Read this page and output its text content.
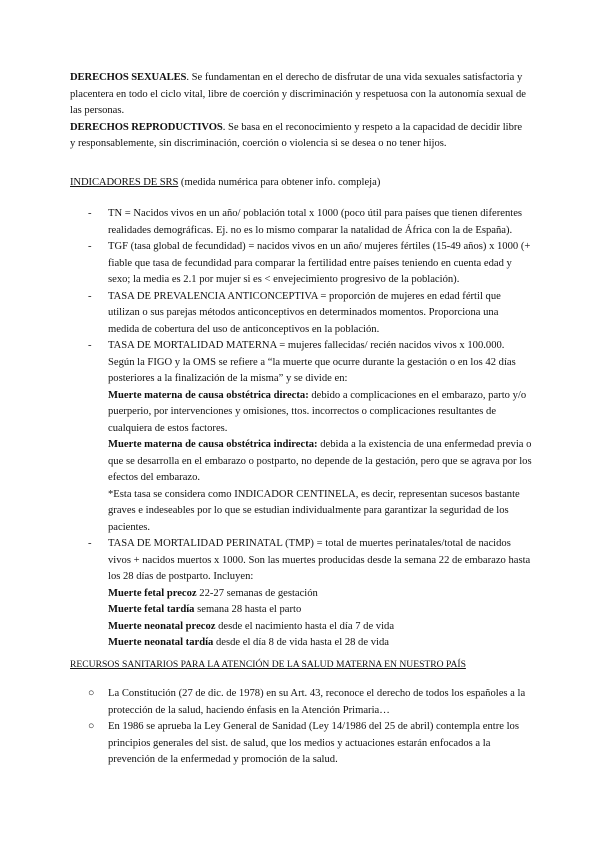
DERECHOS SEXUALES. Se fundamentan en el derecho de disfrutar de una vida sexuales satisfactoria y placentera en todo el ciclo vital, libre de coerción y discriminación y respetuosa con la autonomía sexual de las personas.

DERECHOS REPRODUCTIVOS. Se basa en el reconocimiento y respeto a la capacidad de decidir libre y responsablemente, sin discriminación, coerción o violencia si se desea o no tener hijos.

INDICADORES DE SRS (medida numérica para obtener info. compleja)

- TN = Nacidos vivos en un año/ población total x 1000 (poco útil para países que tienen diferentes realidades demográficas. Ej. no es lo mismo comparar la natalidad de África con la de España).
- TGF (tasa global de fecundidad) = nacidos vivos en un año/ mujeres fértiles (15-49 años) x 1000 (+ fiable que tasa de fecundidad para comparar la fertilidad entre países teniendo en cuenta edad y sexo; la media es 2.1 por mujer si es < envejecimiento progresivo de la población).
- TASA DE PREVALENCIA ANTICONCEPTIVA = proporción de mujeres en edad fértil que utilizan o sus parejas métodos anticonceptivos en determinados momentos. Proporciona una medida de cobertura del uso de anticonceptivos en la población.
- TASA DE MORTALIDAD MATERNA = mujeres fallecidas/ recién nacidos vivos x 100.000. Según la FIGO y la OMS se refiere a “la muerte que ocurre durante la gestación o en los 42 días posteriores a la finalización de la misma” y se divide en:

Muerte materna de causa obstétrica directa: debido a complicaciones en el embarazo, parto y/o puerperio, por intervenciones y omisiones, ttos. incorrectos o complicaciones resultantes de cualquiera de estos factores.

Muerte materna de causa obstétrica indirecta: debida a la existencia de una enfermedad previa o que se desarrolla en el embarazo o postparto, no depende de la gestación, pero que se agrava por los efectos del embarazo.

*Esta tasa se considera como INDICADOR CENTINELA, es decir, representan sucesos bastante graves e indeseables por lo que se estudian individualmente para garantizar la seguridad de los pacientes.

- TASA DE MORTALIDAD PERINATAL (TMP) = total de muertes perinatales/total de nacidos vivos + nacidos muertos x 1000. Son las muertes producidas desde la semana 22 de embarazo hasta los 28 días de postparto. Incluyen:

Muerte fetal precoz 22-27 semanas de gestación

Muerte fetal tardía semana 28 hasta el parto

Muerte neonatal precoz desde el nacimiento hasta el día 7 de vida

Muerte neonatal tardía desde el día 8 de vida hasta el 28 de vida

RECURSOS SANITARIOS PARA LA ATENCIÓN DE LA SALUD MATERNA EN NUESTRO PAÍS

○ La Constitución (27 de dic. de 1978) en su Art. 43, reconoce el derecho de todos los españoles a la protección de la salud, haciendo énfasis en la Atención Primaria…
○ En 1986 se aprueba la Ley General de Sanidad (Ley 14/1986 del 25 de abril) contempla entre los principios generales del sist. de salud, que los medios y actuaciones estarán enfocados a la prevención de la enfermedad y promoción de la salud.
